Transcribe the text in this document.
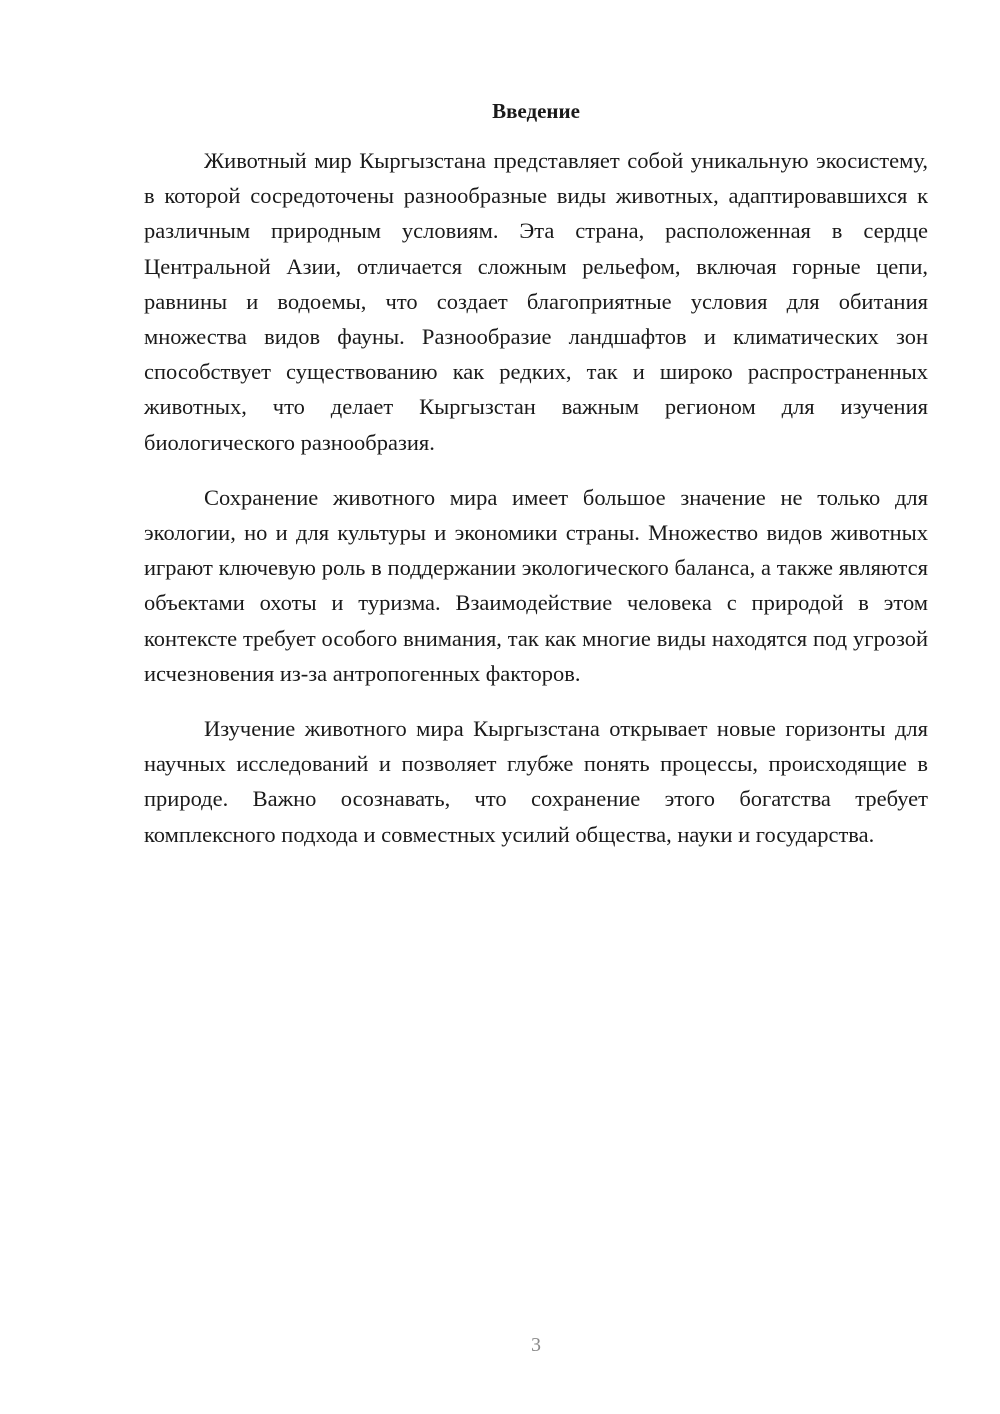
Введение

Животный мир Кыргызстана представляет собой уникальную экосистему, в которой сосредоточены разнообразные виды животных, адаптировавшихся к различным природным условиям. Эта страна, расположенная в сердце Центральной Азии, отличается сложным рельефом, включая горные цепи, равнины и водоемы, что создает благоприятные условия для обитания множества видов фауны. Разнообразие ландшафтов и климатических зон способствует существованию как редких, так и широко распространенных животных, что делает Кыргызстан важным регионом для изучения биологического разнообразия.

Сохранение животного мира имеет большое значение не только для экологии, но и для культуры и экономики страны. Множество видов животных играют ключевую роль в поддержании экологического баланса, а также являются объектами охоты и туризма. Взаимодействие человека с природой в этом контексте требует особого внимания, так как многие виды находятся под угрозой исчезновения из-за антропогенных факторов.

Изучение животного мира Кыргызстана открывает новые горизонты для научных исследований и позволяет глубже понять процессы, происходящие в природе. Важно осознавать, что сохранение этого богатства требует комплексного подхода и совместных усилий общества, науки и государства.

3
